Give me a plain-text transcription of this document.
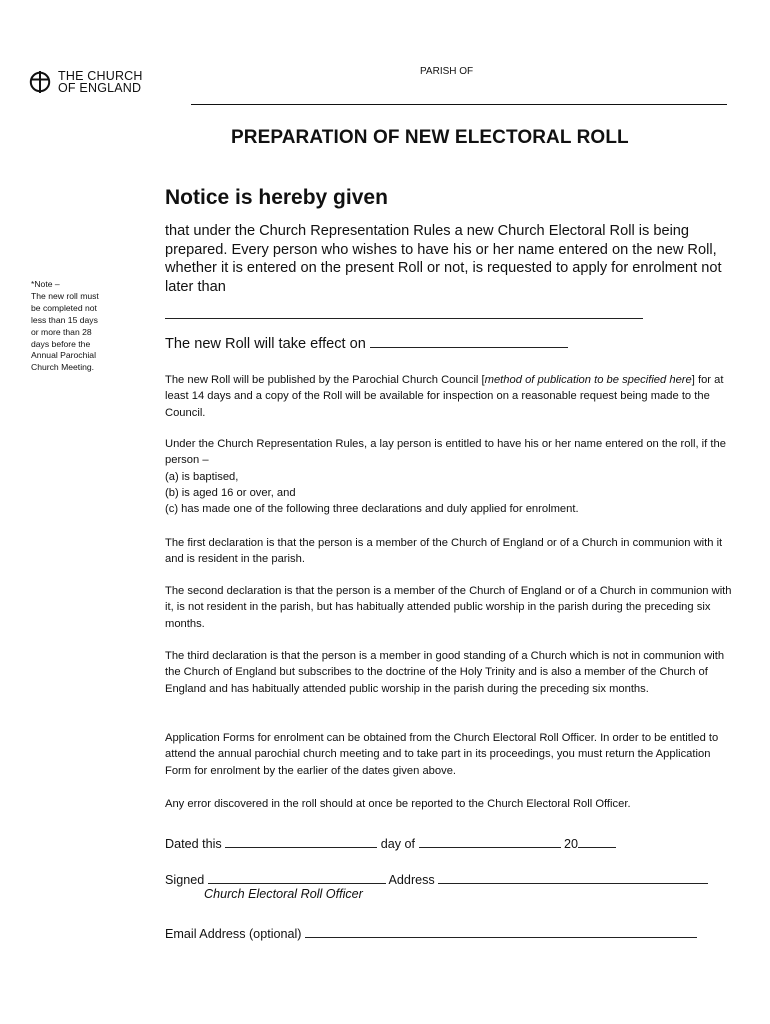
THE CHURCH
OF ENGLAND
PARISH OF
PREPARATION OF NEW ELECTORAL ROLL
Notice is hereby given
that under the Church Representation Rules a new Church Electoral Roll is being prepared. Every person who wishes to have his or her name entered on the new Roll, whether it is entered on the present Roll or not, is requested to apply for enrolment not later than
The new Roll will take effect on
*Note –
The new roll must
be completed not
less than 15 days
or more than 28
days before the
Annual Parochial
Church Meeting.
The new Roll will be published by the Parochial Church Council [method of publication to be specified here] for at least 14 days and a copy of the Roll will be available for inspection on a reasonable request being made to the Council.
Under the Church Representation Rules, a lay person is entitled to have his or her name entered on the roll, if the person –
(a) is baptised,
(b) is aged 16 or over, and
(c) has made one of the following three declarations and duly applied for enrolment.
The first declaration is that the person is a member of the Church of England or of a Church in communion with it and is resident in the parish.
The second declaration is that the person is a member of the Church of England or of a Church in communion with it, is not resident in the parish, but has habitually attended public worship in the parish during the preceding six months.
The third declaration is that the person is a member in good standing of a Church which is not in communion with the Church of England but subscribes to the doctrine of the Holy Trinity and is also a member of the Church of England and has habitually attended public worship in the parish during the preceding six months.
Application Forms for enrolment can be obtained from the Church Electoral Roll Officer. In order to be entitled to attend the annual parochial church meeting and to take part in its proceedings, you must return the Application Form for enrolment by the earlier of the dates given above.
Any error discovered in the roll should at once be reported to the Church Electoral Roll Officer.
Dated this	day of	20
Signed	Address
Church Electoral Roll Officer
Email Address (optional)
